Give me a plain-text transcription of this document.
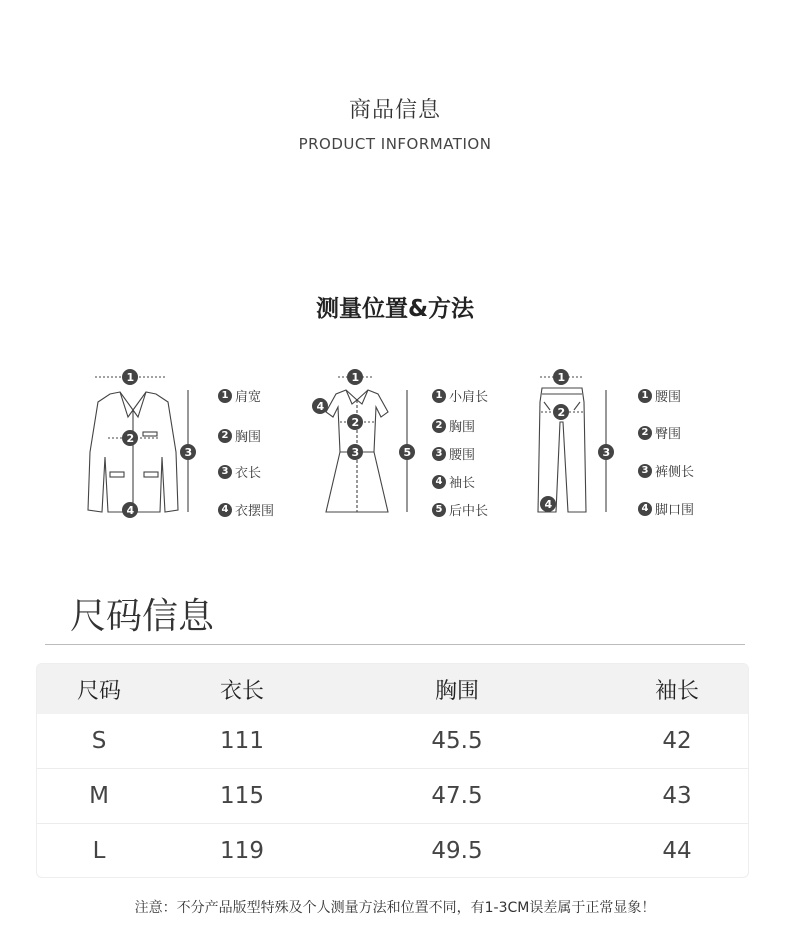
商品信息
PRODUCT INFORMATION
测量位置&方法
1
2
3
4
1 肩宽
2 胸围
3 衣长
4 衣摆围
1
2
3
4
5
1 小肩长
2 胸围
3 腰围
4 袖长
5 后中长
1
2
3
4
1 腰围
2 臀围
3 裤侧长
4 脚口围
尺码信息
尺码	衣长	胸围	袖长
S	111	45.5	42
M	115	47.5	43
L	119	49.5	44
注意：不分产品版型特殊及个人测量方法和位置不同，有1-3CM误差属于正常显象！
